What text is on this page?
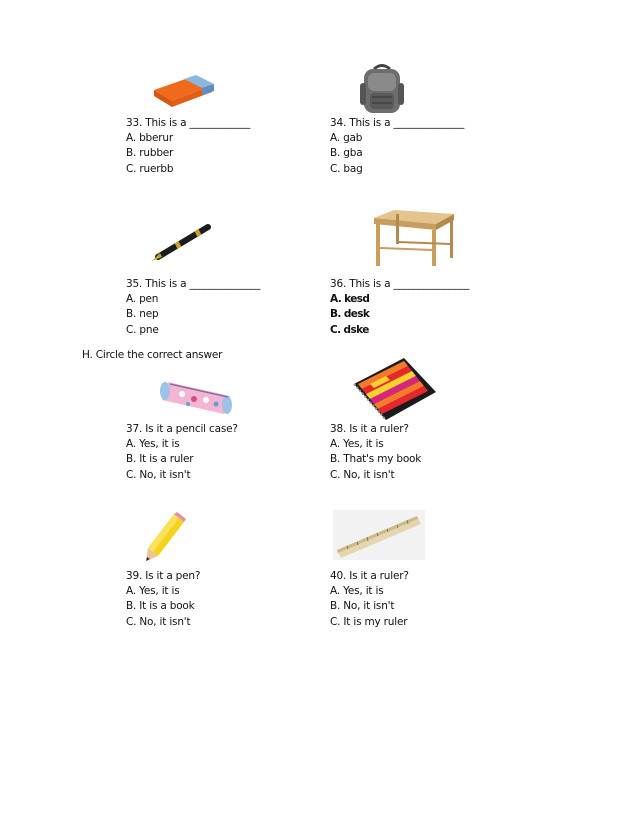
33. This is a ____________
A. bberur
B. rubber
C. ruerbb
34. This is a ______________
A. gab
B. gba
C. bag
35. This is a ______________
A. pen
B. nep
C. pne
36. This is a _______________
A. kesd
B. desk
C. dske
H. Circle the correct answer
37. Is it a pencil case?
A. Yes, it is
B. It is a ruler
C. No, it isn't
38. Is it a ruler?
A. Yes, it is
B. That's my book
C. No, it isn't
39. Is it a pen?
A. Yes, it is
B. It is a book
C. No, it isn't
40. Is it a ruler?
A. Yes, it is
B. No, it isn't
C. It is my ruler
